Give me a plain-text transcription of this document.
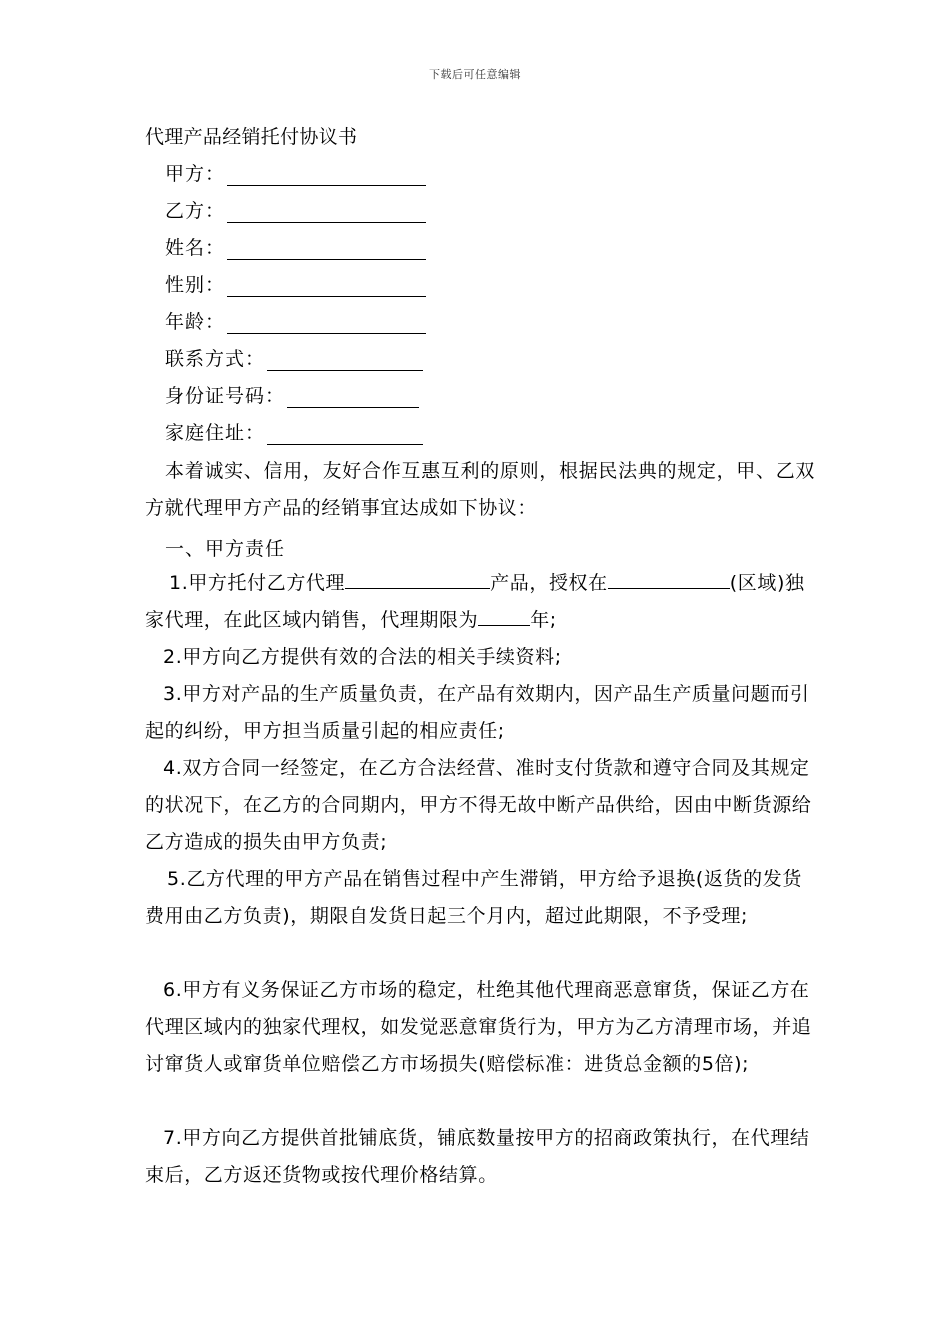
下载后可任意编辑
代理产品经销托付协议书
甲方：
乙方：
姓名：
性别：
年龄：
联系方式：
身份证号码：
家庭住址：
本着诚实、信用，友好合作互惠互利的原则，根据民法典的规定，甲、乙双方就代理甲方产品的经销事宜达成如下协议：
一、甲方责任
1.甲方托付乙方代理	产品，授权在	(区域)独家代理，在此区域内销售，代理期限为	年;
2.甲方向乙方提供有效的合法的相关手续资料;
3.甲方对产品的生产质量负责，在产品有效期内，因产品生产质量问题而引起的纠纷，甲方担当质量引起的相应责任;
4.双方合同一经签定，在乙方合法经营、准时支付货款和遵守合同及其规定的状况下，在乙方的合同期内，甲方不得无故中断产品供给，因由中断货源给乙方造成的损失由甲方负责;
5.乙方代理的甲方产品在销售过程中产生滞销，甲方给予退换(返货的发货费用由乙方负责)，期限自发货日起三个月内，超过此期限，不予受理;
6.甲方有义务保证乙方市场的稳定，杜绝其他代理商恶意窜货，保证乙方在代理区域内的独家代理权，如发觉恶意窜货行为，甲方为乙方清理市场，并追讨窜货人或窜货单位赔偿乙方市场损失(赔偿标准：进货总金额的5倍);
7.甲方向乙方提供首批铺底货，铺底数量按甲方的招商政策执行，在代理结束后，乙方返还货物或按代理价格结算。
